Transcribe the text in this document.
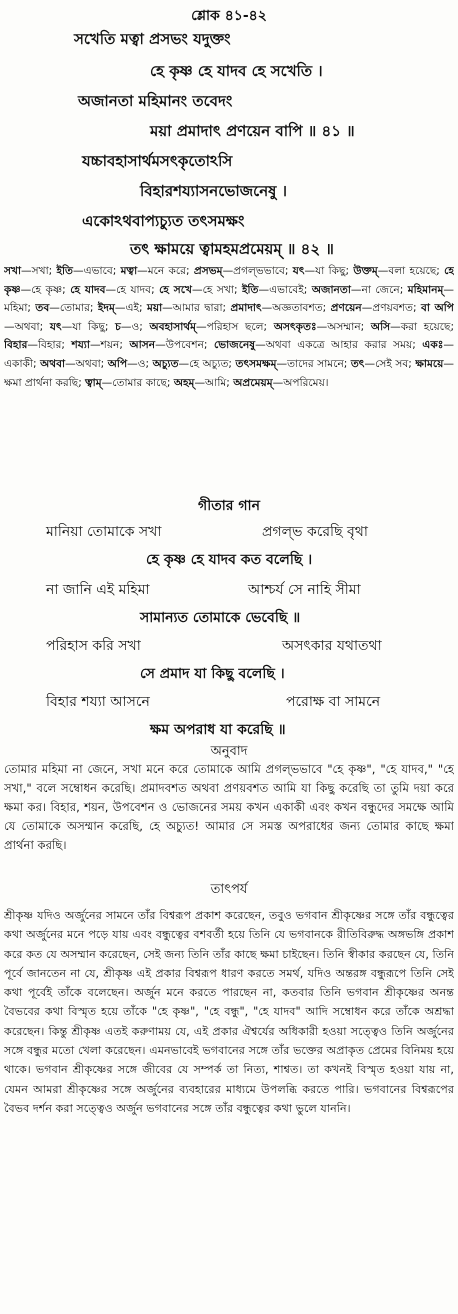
শ্লোক ৪১-৪২
সখেতি মত্বা প্রসভং যদুক্তং
হে কৃষ্ণ হে যাদব হে সখেতি ।
অজানতা মহিমানং তবেদং
ময়া প্রমাদাৎ প্রণয়েন বাপি ॥ ৪১ ॥
যচ্চাবহাসার্থমসৎকৃতোঽসি
বিহারশয্যাসনভোজনেষু ।
একোঽথবাপ্যচ্যুত তৎসমক্ষং
তৎ ক্ষাময়ে ত্বামহমপ্রমেয়ম্ ॥ ৪২ ॥
সখা—সখা; ইতি—এভাবে; মত্বা—মনে করে; প্রসভম্—প্রগল্‌ভভাবে; যৎ—যা কিছু; উক্তম্—বলা হয়েছে; হে কৃষ্ণ—হে কৃষ্ণ; হে যাদব—হে যাদব; হে সখে—হে সখা; ইতি—এভাবেই; অজানতা—না জেনে; মহিমানম্—মহিমা; তব—তোমার; ইদম্—এই; ময়া—আমার দ্বারা; প্রমাদাৎ—অজ্ঞতাবশত; প্রণয়েন—প্রণয়বশত; বা অপি—অথবা; যৎ—যা কিছু; চ—ও; অবহাসার্থম্—পরিহাস ছলে; অসৎকৃতঃ—অসম্মান; অসি—করা হয়েছে; বিহার—বিহার; শয্যা—শয়ন; আসন—উপবেশন; ভোজনেষু—অথবা একত্রে আহার করার সময়; একঃ—একাকী; অথবা—অথবা; অপি—ও; অচ্যুত—হে অচ্যুত; তৎসমক্ষম্—তাদের সামনে; তৎ—সেই সব; ক্ষাময়ে—ক্ষমা প্রার্থনা করছি; ত্বাম্—তোমার কাছে; অহম্—আমি; অপ্রমেয়ম্—অপরিমেয়।
গীতার গান
মানিয়া তোমাকে সখা	প্রগল্‌ভ করেছি বৃথা
হে কৃষ্ণ হে যাদব কত বলেছি ।
না জানি এই মহিমা	আশ্চর্য সে নাহি সীমা
সামান্যত তোমাকে ভেবেছি ॥
পরিহাস করি সখা	অসৎকার যথাতথা
সে প্রমাদ যা কিছু বলেছি ।
বিহার শয্যা আসনে	পরোক্ষ বা সামনে
অনুবাদ
তোমার মহিমা না জেনে, সখা মনে করে তোমাকে আমি প্রগল্‌ভভাবে "হে কৃষ্ণ", "হে যাদব," "হে সখা," বলে সম্বোধন করেছি। প্রমাদবশত অথবা প্রণয়বশত আমি যা কিছু করেছি তা তুমি দয়া করে ক্ষমা কর। বিহার, শয়ন, উপবেশন ও ভোজনের সময় কখন একাকী এবং কখন বন্ধুদের সমক্ষে আমি যে তোমাকে অসম্মান করেছি, হে অচ্যুত! আমার সে সমস্ত অপরাধের জন্য তোমার কাছে ক্ষমা প্রার্থনা করছি।
তাৎপর্য
শ্রীকৃষ্ণ যদিও অর্জুনের সামনে তাঁর বিশ্বরূপ প্রকাশ করেছেন, তবুও ভগবান শ্রীকৃষ্ণের সঙ্গে তাঁর বন্ধুত্বের কথা অর্জুনের মনে পড়ে যায় এবং বন্ধুত্বের বশবর্তী হয়ে তিনি যে ভগবানকে রীতিবিরুদ্ধ অঙ্গভঙ্গি প্রকাশ করে কত যে অসম্মান করেছেন, সেই জন্য তিনি তাঁর কাছে ক্ষমা চাইছেন। তিনি স্বীকার করছেন যে, তিনি পূর্বে জানতেন না যে, শ্রীকৃষ্ণ এই প্রকার বিশ্বরূপ ধারণ করতে সমর্থ, যদিও অন্তরঙ্গ বন্ধুরূপে তিনি সেই কথা পূর্বেই তাঁকে বলেছেন। অর্জুন মনে করতে পারছেন না, কতবার তিনি ভগবান শ্রীকৃষ্ণের অনন্ত বৈভবের কথা বিস্মৃত হয়ে তাঁকে "হে কৃষ্ণ", "হে বন্ধু", "হে যাদব" আদি সম্বোধন করে তাঁকে অশ্রদ্ধা করেছেন। কিন্তু শ্রীকৃষ্ণ এতই করুণাময় যে, এই প্রকার ঐশ্বর্যের অধিকারী হওয়া সত্ত্বেও তিনি অর্জুনের সঙ্গে বন্ধুর মতো খেলা করেছেন। এমনভাবেই ভগবানের সঙ্গে তাঁর ভক্তের অপ্রাকৃত প্রেমের বিনিময় হয়ে থাকে। ভগবান শ্রীকৃষ্ণের সঙ্গে জীবের যে সম্পর্ক তা নিত্য, শাশ্বত। তা কখনই বিস্মৃত হওয়া যায় না, যেমন আমরা শ্রীকৃষ্ণের সঙ্গে অর্জুনের ব্যবহারের মাধ্যমে উপলব্ধি করতে পারি। ভগবানের বিশ্বরূপের বৈভব দর্শন করা সত্ত্বেও অর্জুন ভগবানের সঙ্গে তাঁর বন্ধুত্বের কথা ভুলে যাননি।
ক্ষম অপরাধ যা করেছি ॥
